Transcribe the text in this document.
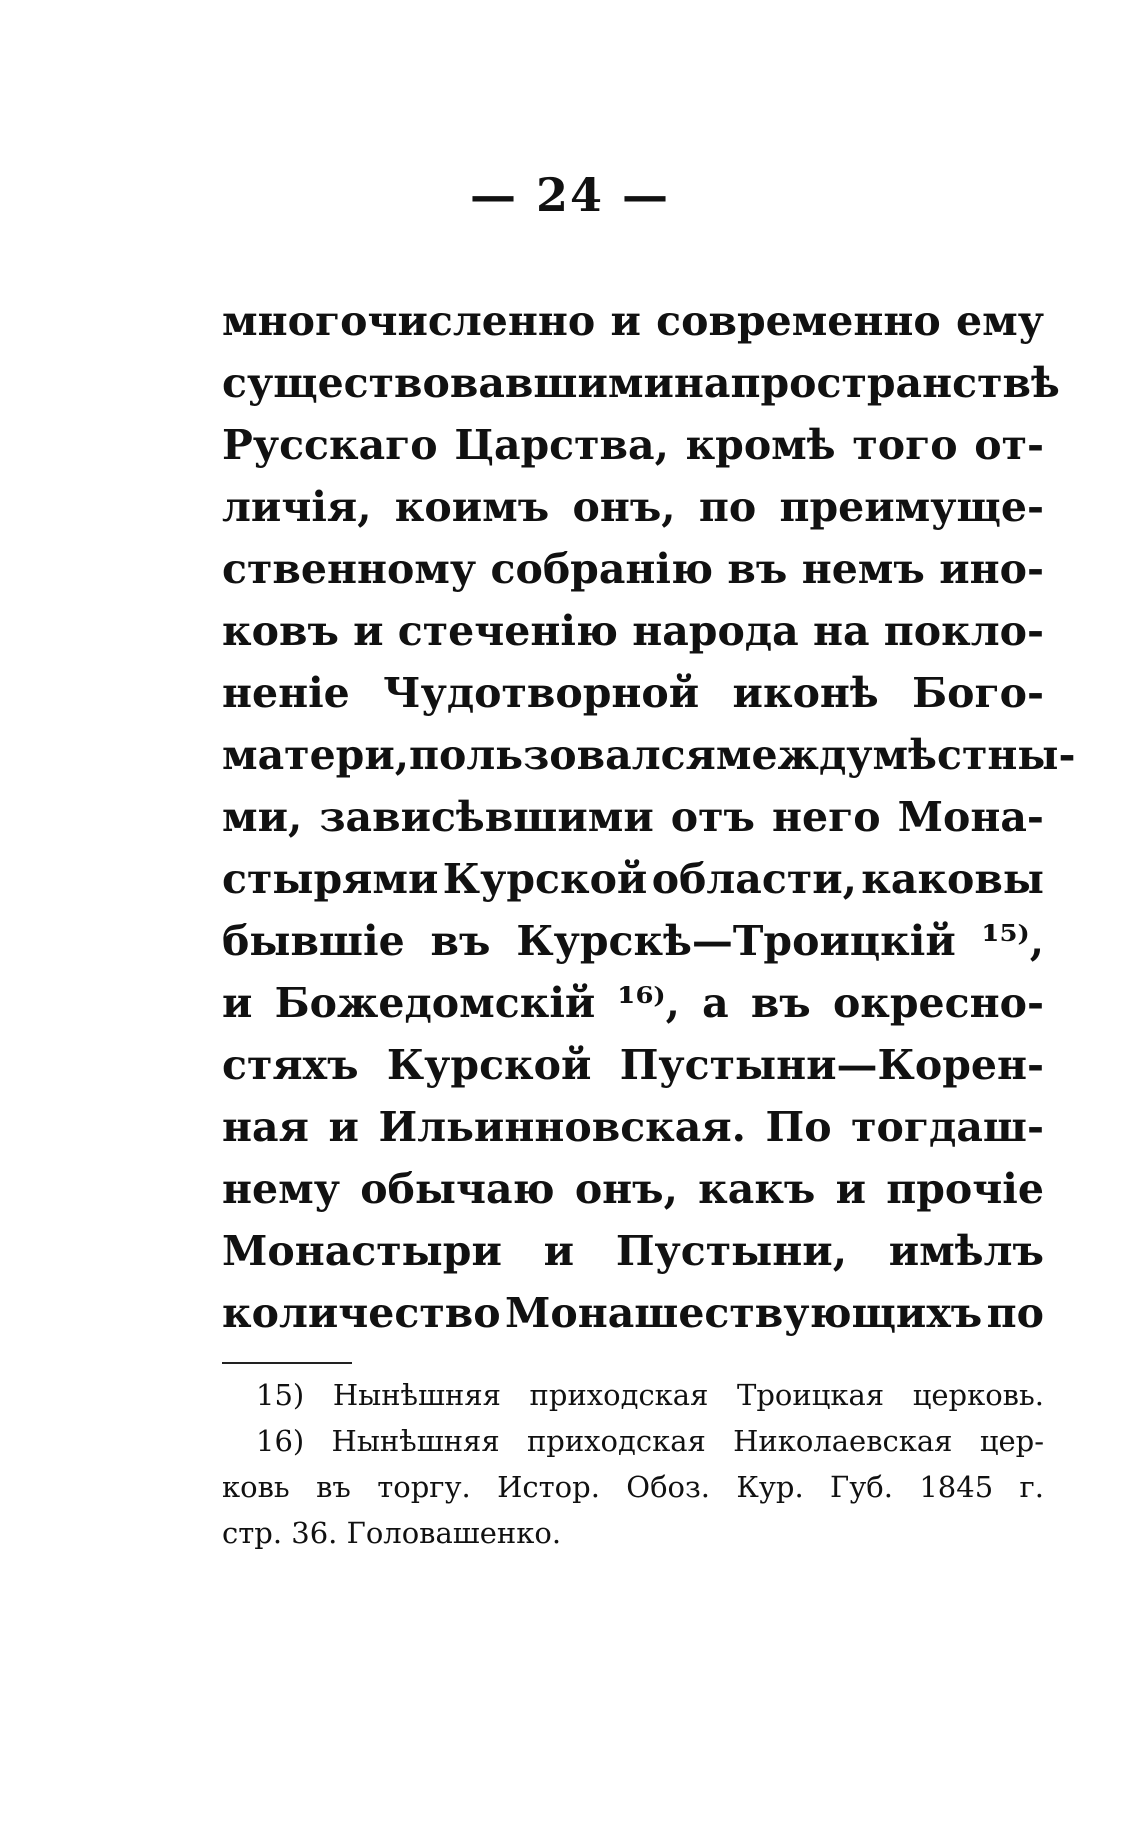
— 24 —
многочисленно и современно ему
существовавшими на пространствѣ
Русскаго Царства, кромѣ того от-
личія, коимъ онъ, по преимуще-
ственному собранію въ немъ ино-
ковъ и стеченію народа на покло-
неніе Чудотворной иконѣ Бого-
матери, пользовался между мѣстны-
ми, зависѣвшими отъ него Мона-
стырями Курской области, каковы
бывшіе въ Курскѣ—Троицкій ¹⁵⁾,
и Божедомскій ¹⁶⁾, а въ окресно-
стяхъ Курской Пустыни—Корен-
ная и Ильинновская. По тогдаш-
нему обычаю онъ, какъ и прочіе
Монастыри и Пустыни, имѣлъ
количество Монашествующихъ по
15) Нынѣшняя приходская Троицкая церковь.
16) Нынѣшняя приходская Николаевская цер-
ковь въ торгу. Истор. Обоз. Кур. Губ. 1845 г.
стр. 36. Головашенко.
